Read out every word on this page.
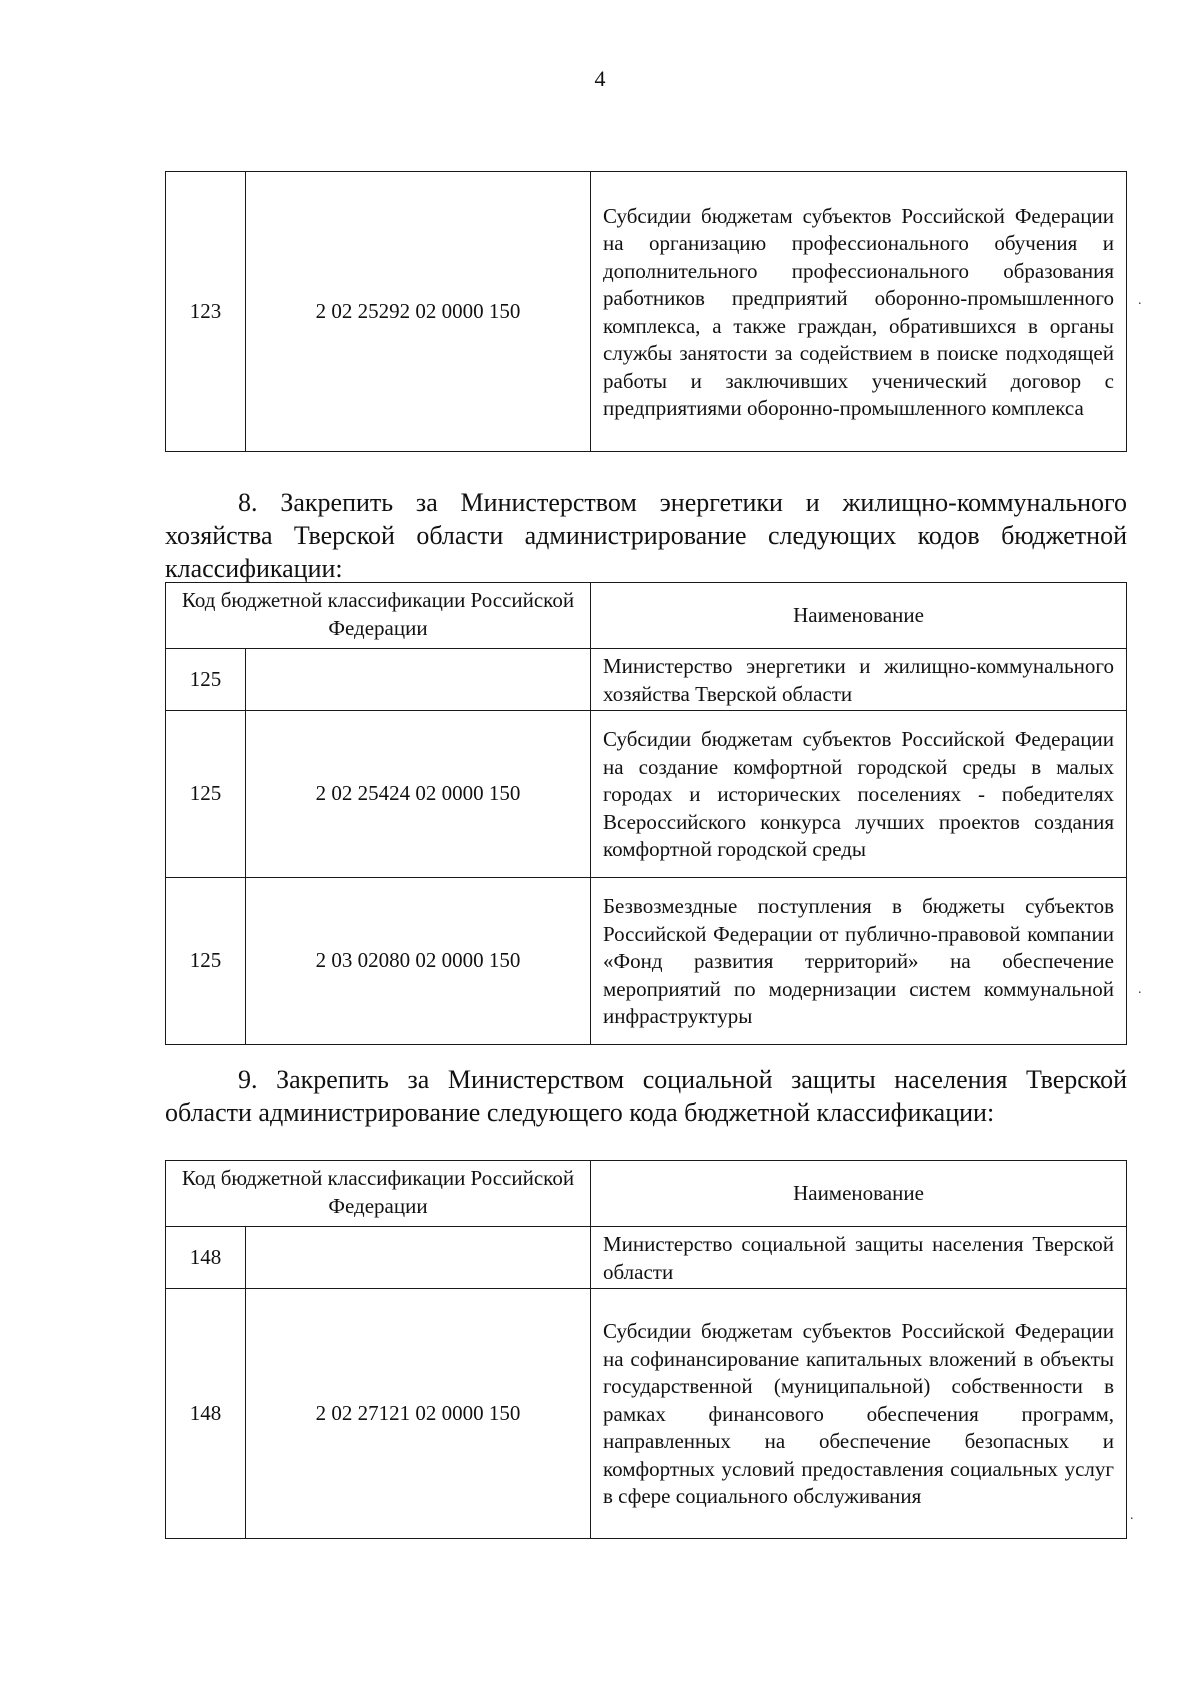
4
123	2 02 25292 02 0000 150	Субсидии бюджетам субъектов Российской Федерации на организацию профессионального обучения и дополнительного профессионального образования работников предприятий оборонно-промышленного комплекса, а также граждан, обратившихся в органы службы занятости за содействием в поиске подходящей работы и заключивших ученический договор с предприятиями оборонно-промышленного комплекса
.

8. Закрепить за Министерством энергетики и жилищно-коммунального хозяйства Тверской области администрирование следующих кодов бюджетной классификации:

Код бюджетной классификации Российской Федерации		Наименование
125		Министерство энергетики и жилищно-коммунального хозяйства Тверской области
125	2 02 25424 02 0000 150	Субсидии бюджетам субъектов Российской Федерации на создание комфортной городской среды в малых городах и исторических поселениях - победителях Всероссийского конкурса лучших проектов создания комфортной городской среды
125	2 03 02080 02 0000 150	Безвозмездные поступления в бюджеты субъектов Российской Федерации от публично-правовой компании «Фонд развития территорий» на обеспечение мероприятий по модернизации систем коммунальной инфраструктуры
.

9. Закрепить за Министерством социальной защиты населения Тверской области администрирование следующего кода бюджетной классификации:

Код бюджетной классификации Российской Федерации		Наименование
148		Министерство социальной защиты населения Тверской области
148	2 02 27121 02 0000 150	Субсидии бюджетам субъектов Российской Федерации на софинансирование капитальных вложений в объекты государственной (муниципальной) собственности в рамках финансового обеспечения программ, направленных на обеспечение безопасных и комфортных условий предоставления социальных услуг в сфере социального обслуживания
.
